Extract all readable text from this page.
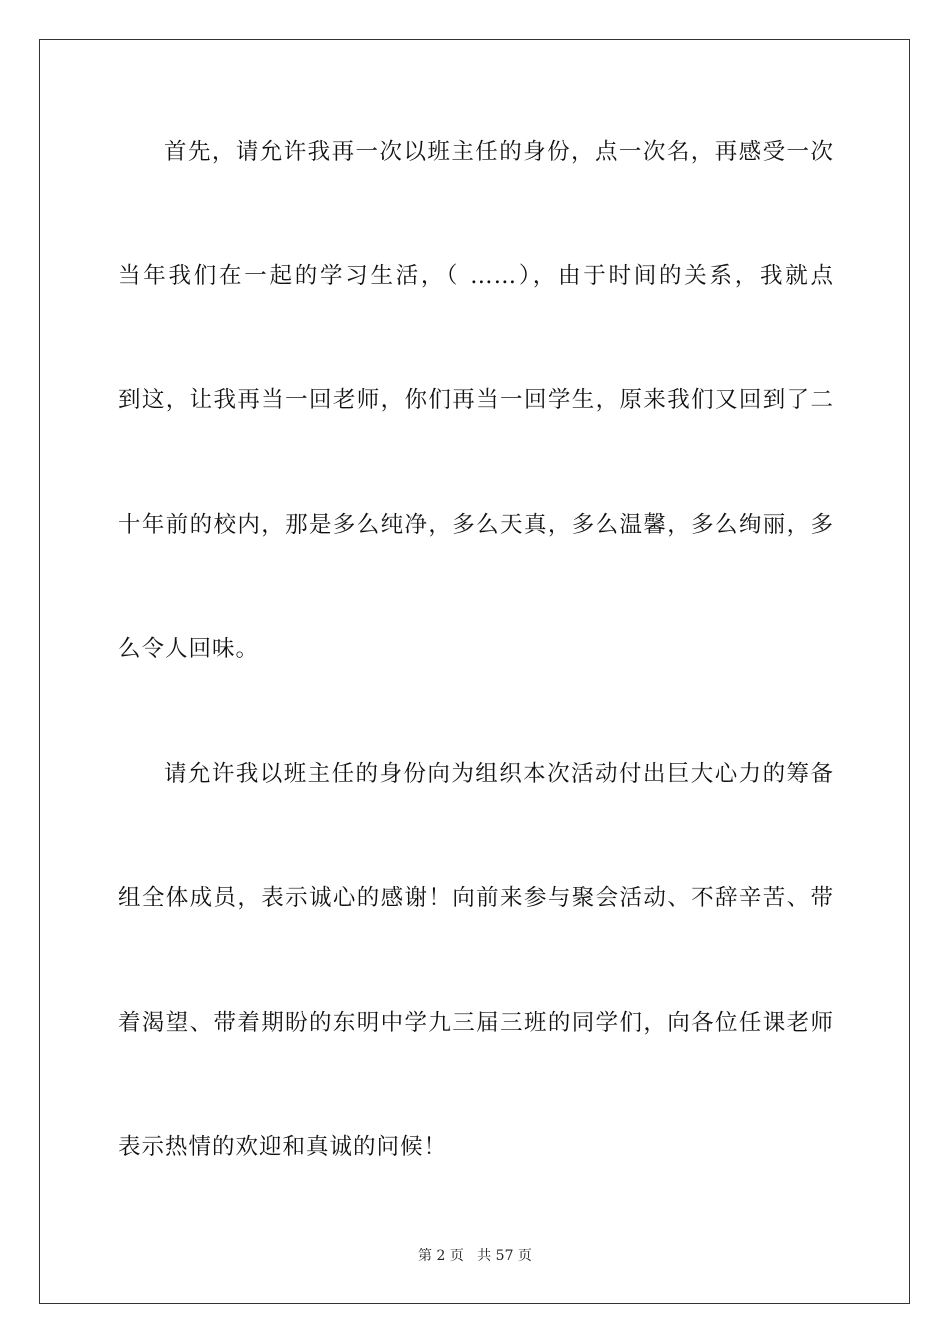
首先，请允许我再一次以班主任的身份，点一次名，再感受一次
当年我们在一起的学习生活，（ ……），由于时间的关系，我就点
到这，让我再当一回老师，你们再当一回学生，原来我们又回到了二
十年前的校内，那是多么纯净，多么天真，多么温馨，多么绚丽，多
么令人回味。
请允许我以班主任的身份向为组织本次活动付出巨大心力的筹备
组全体成员，表示诚心的感谢！向前来参与聚会活动、不辞辛苦、带
着渴望、带着期盼的东明中学九三届三班的同学们，向各位任课老师
表示热情的欢迎和真诚的问候！
第 2 页 共 57 页
